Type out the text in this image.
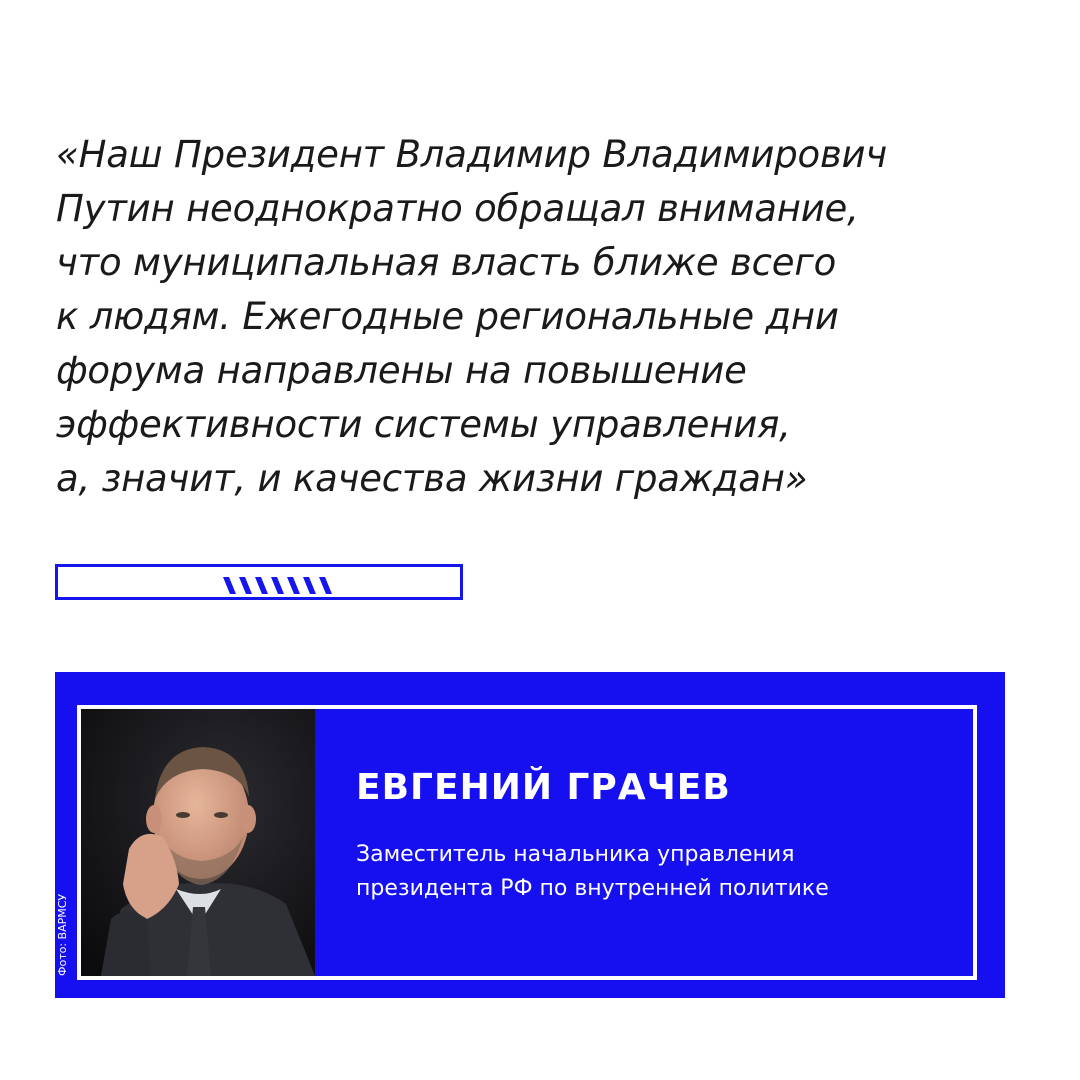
«Наш Президент Владимир Владимирович
Путин неоднократно обращал внимание,
что муниципальная власть ближе всего
к людям. Ежегодные региональные дни
форума направлены на повышение
эффективности системы управления,
а, значит, и качества жизни граждан»

Фото: ВАРМСУ
ЕВГЕНИЙ ГРАЧЕВ

Заместитель начальника управления
президента РФ по внутренней политике
